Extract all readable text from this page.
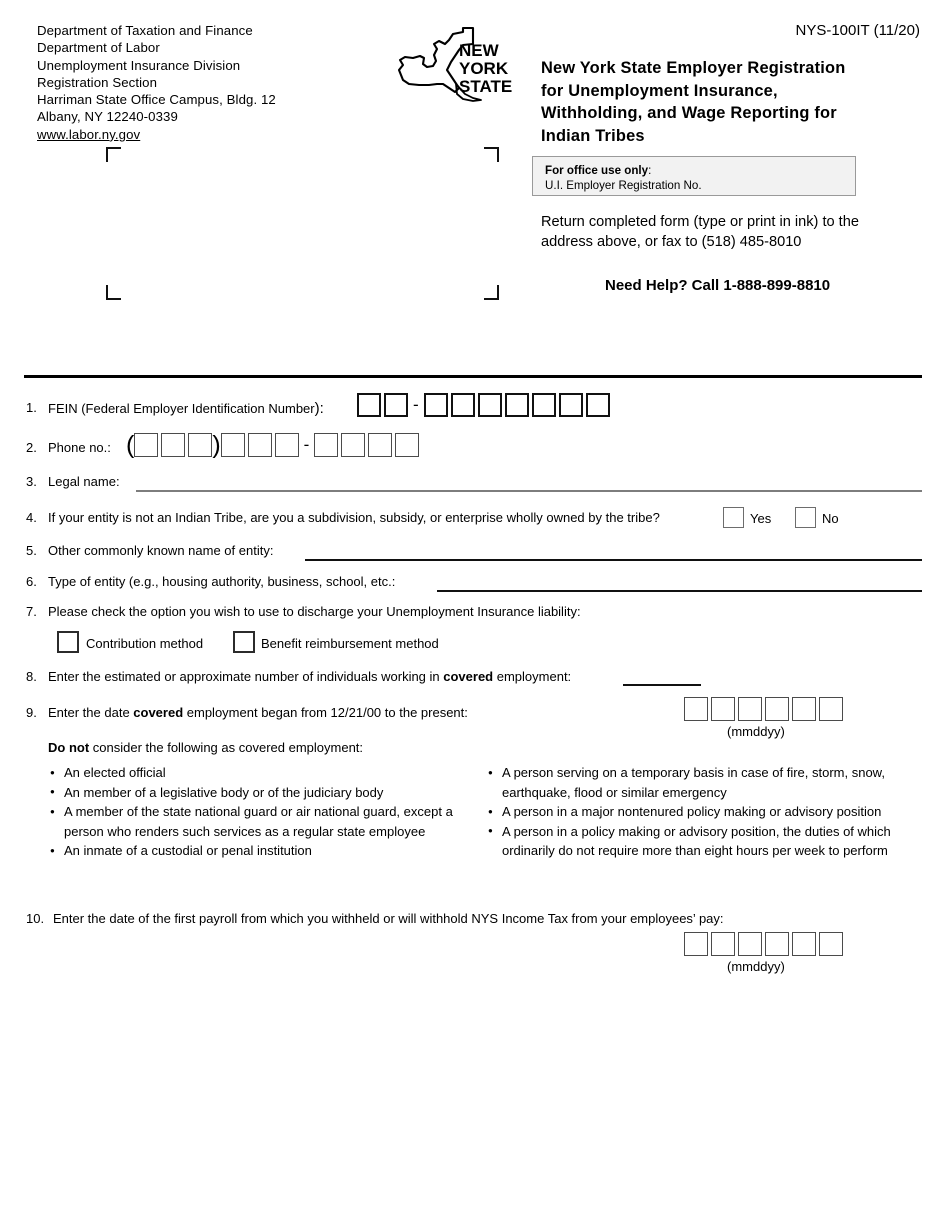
Department of Taxation and Finance
Department of Labor
Unemployment Insurance Division
Registration Section
Harriman State Office Campus, Bldg. 12
Albany, NY 12240-0339
www.labor.ny.gov
NEW
YORK
STATE
NYS-100IT (11/20)
New York State Employer Registration
for Unemployment Insurance,
Withholding, and Wage Reporting for
Indian Tribes
For office use only:
U.I. Employer Registration No.
Return completed form (type or print in ink) to the
address above, or fax to (518) 485-8010
Need Help? Call 1-888-899-8810
1. FEIN (Federal Employer Identification Number):	-
2. Phone no.: (	)	-
3. Legal name:
4. If your entity is not an Indian Tribe, are you a subdivision, subsidy, or enterprise wholly owned by the tribe?	Yes	No
5. Other commonly known name of entity:
6. Type of entity (e.g., housing authority, business, school, etc.:
7. Please check the option you wish to use to discharge your Unemployment Insurance liability:
Contribution method	Benefit reimbursement method
8. Enter the estimated or approximate number of individuals working in covered employment:
9. Enter the date covered employment began from 12/21/00 to the present:
(mmddyy)
Do not consider the following as covered employment:
● An elected official
● An member of a legislative body or of the judiciary body
● A member of the state national guard or air national guard, except a person who renders such services as a regular state employee
● An inmate of a custodial or penal institution
● A person serving on a temporary basis in case of fire, storm, snow, earthquake, flood or similar emergency
● A person in a major nontenured policy making or advisory position
● A person in a policy making or advisory position, the duties of which ordinarily do not require more than eight hours per week to perform
10. Enter the date of the first payroll from which you withheld or will withhold NYS Income Tax from your employees’ pay:
(mmddyy)
